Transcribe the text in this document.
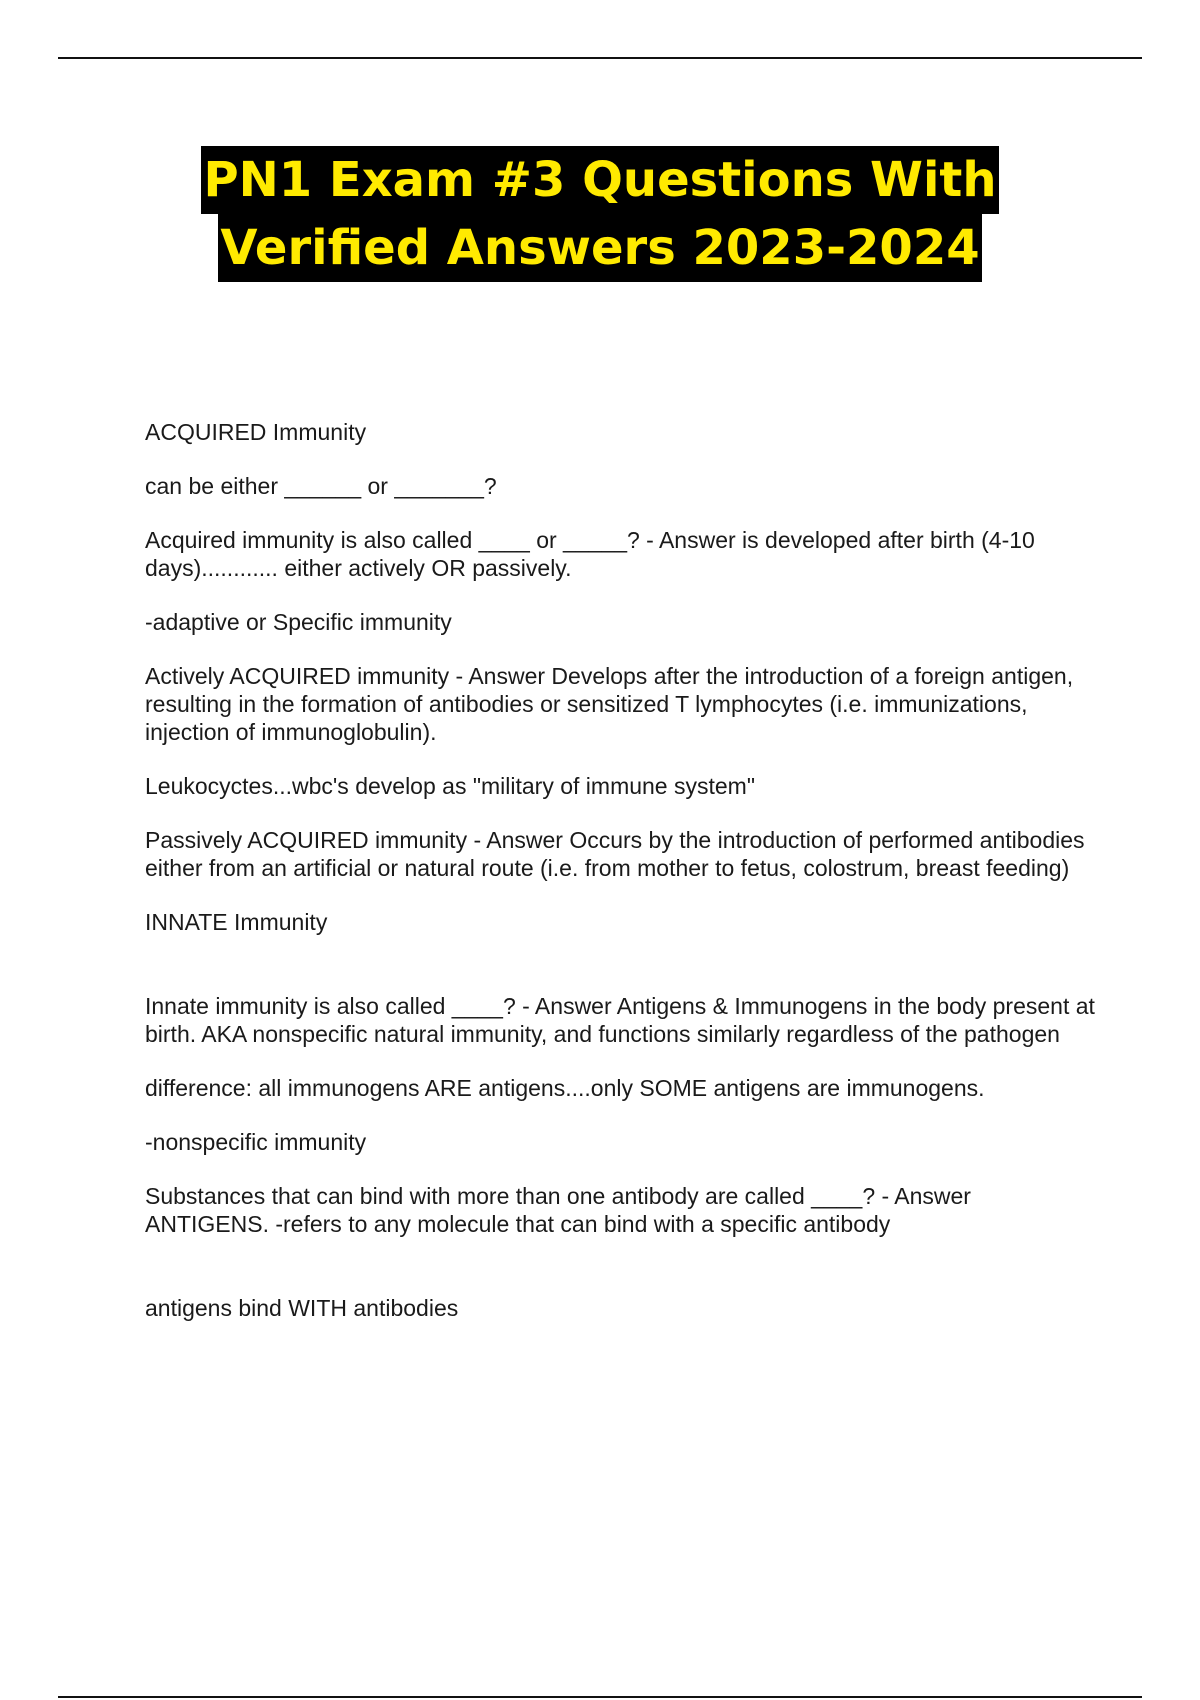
PN1 Exam #3 Questions With
Verified Answers 2023-2024

ACQUIRED Immunity

can be either ______ or _______?

Acquired immunity is also called ____ or _____? - Answer is developed after birth (4-10 days)............ either actively OR passively.

-adaptive or Specific immunity

Actively ACQUIRED immunity - Answer Develops after the introduction of a foreign antigen, resulting in the formation of antibodies or sensitized T lymphocytes (i.e. immunizations, injection of immunoglobulin).

Leukocyctes...wbc's develop as "military of immune system"

Passively ACQUIRED immunity - Answer Occurs by the introduction of performed antibodies either from an artificial or natural route (i.e. from mother to fetus, colostrum, breast feeding)

INNATE Immunity

Innate immunity is also called ____? - Answer Antigens & Immunogens in the body present at birth. AKA nonspecific natural immunity, and functions similarly regardless of the pathogen

difference: all immunogens ARE antigens....only SOME antigens are immunogens.

-nonspecific immunity

Substances that can bind with more than one antibody are called ____? - Answer ANTIGENS. -refers to any molecule that can bind with a specific antibody

antigens bind WITH antibodies
